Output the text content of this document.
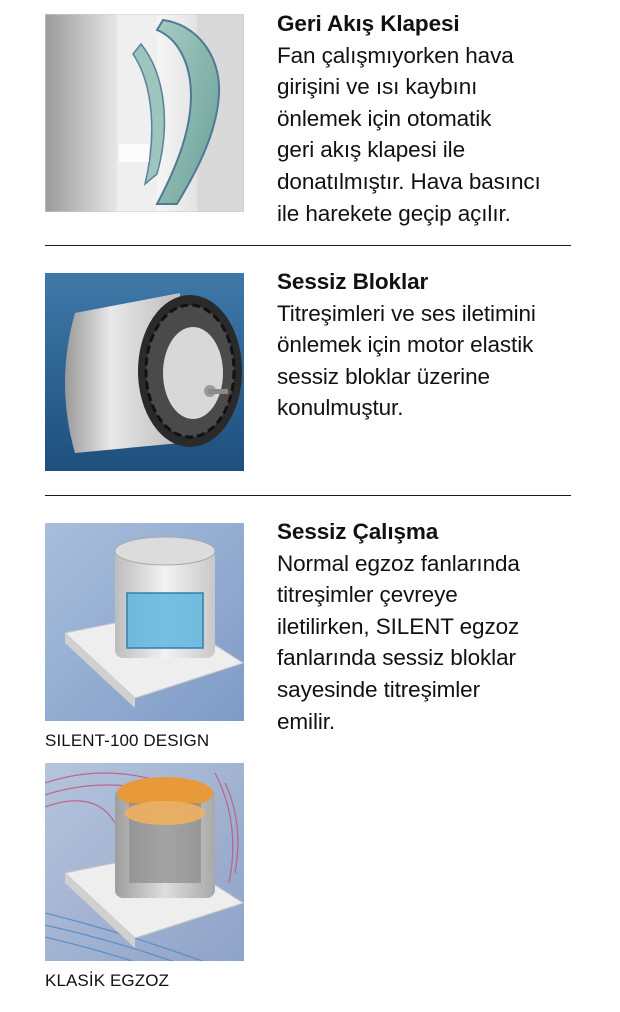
Geri Akış Klapesi
Fan çalışmıyorken hava
girişini ve ısı kaybını
önlemek için otomatik
geri akış klapesi ile
donatılmıştır. Hava basıncı
ile harekete geçip açılır.
Sessiz Bloklar
Titreşimleri ve ses iletimini
önlemek için motor elastik
sessiz bloklar üzerine
konulmuştur.
Sessiz Çalışma
Normal egzoz fanlarında
titreşimler çevreye
iletilirken, SILENT egzoz
fanlarında sessiz bloklar
sayesinde titreşimler
emilir.
SILENT-100 DESIGN
KLASİK EGZOZ
